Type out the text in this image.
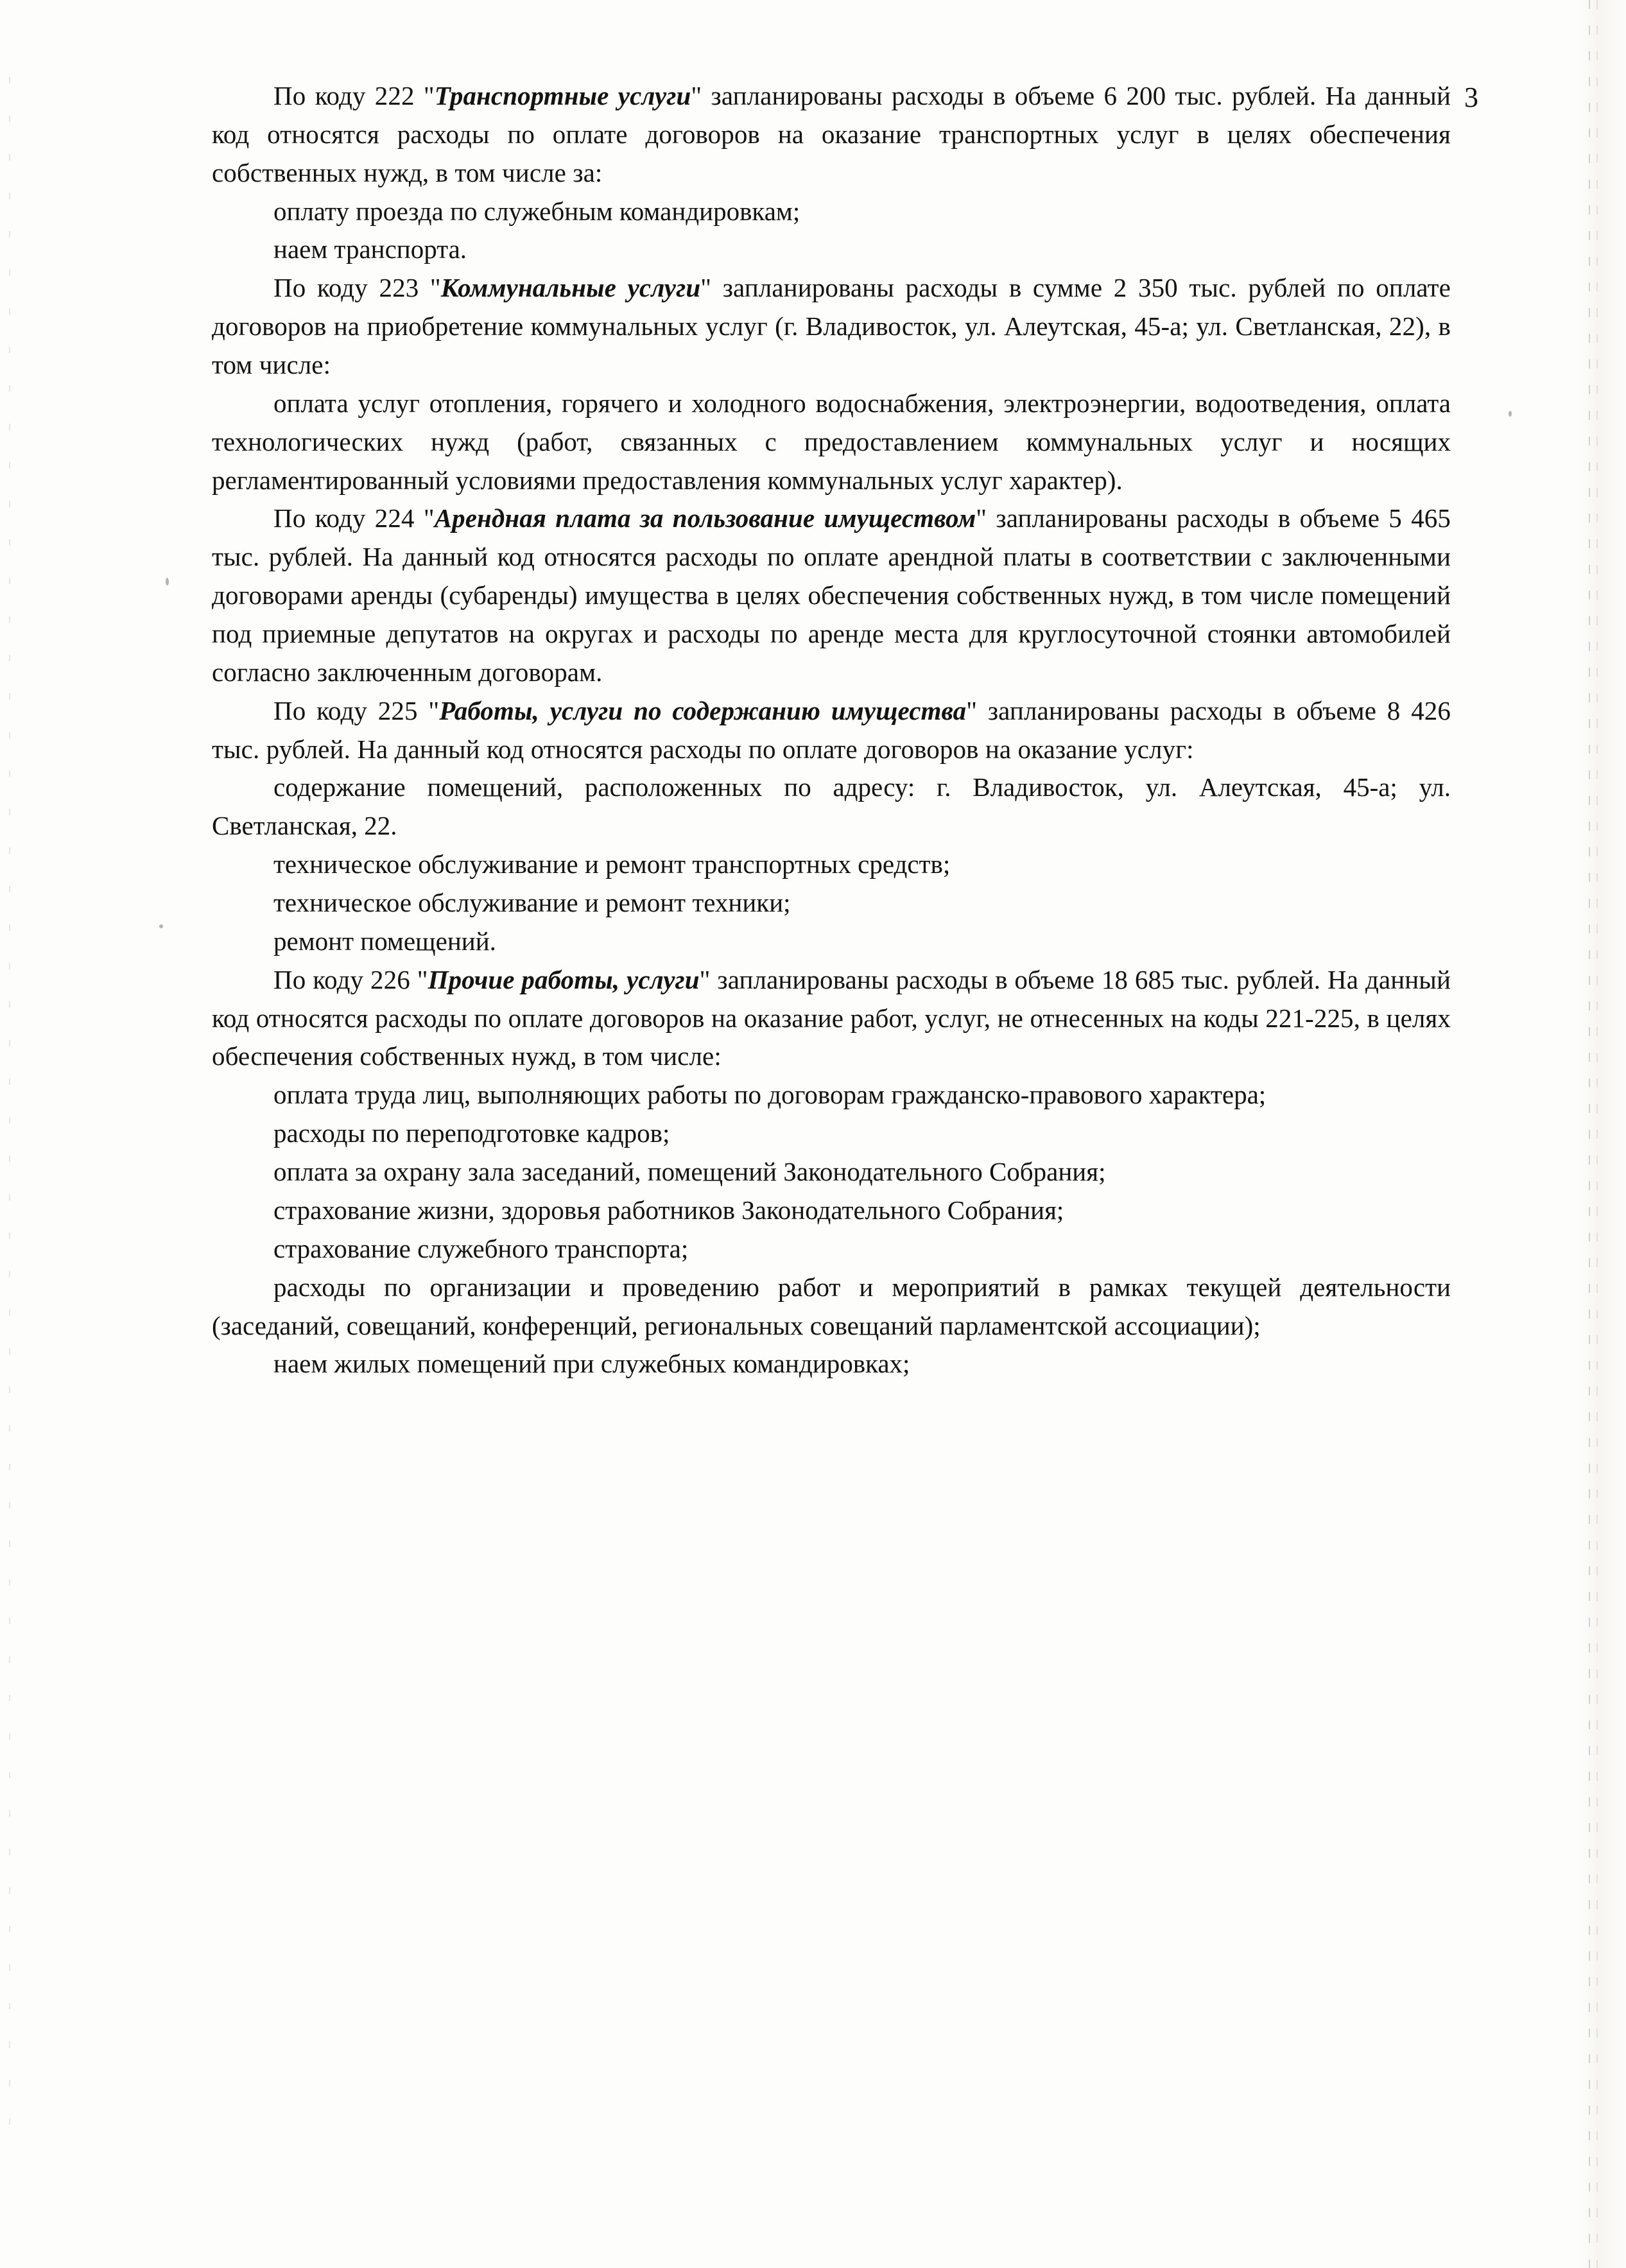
3

По коду 222 "Транспортные услуги" запланированы расходы в объеме 6 200 тыс. рублей. На данный код относятся расходы по оплате договоров на оказание транспортных услуг в целях обеспечения собственных нужд, в том числе за:

оплату проезда по служебным командировкам;

наем транспорта.

По коду 223 "Коммунальные услуги" запланированы расходы в сумме 2 350 тыс. рублей по оплате договоров на приобретение коммунальных услуг (г. Владивосток, ул. Алеутская, 45-а; ул. Светланская, 22), в том числе:

оплата услуг отопления, горячего и холодного водоснабжения, электроэнергии, водоотведения, оплата технологических нужд (работ, связанных с предоставлением коммунальных услуг и носящих регламентированный условиями предоставления коммунальных услуг характер).

По коду 224 "Арендная плата за пользование имуществом" запланированы расходы в объеме 5 465 тыс. рублей. На данный код относятся расходы по оплате арендной платы в соответствии с заключенными договорами аренды (субаренды) имущества в целях обеспечения собственных нужд, в том числе помещений под приемные депутатов на округах и расходы по аренде места для круглосуточной стоянки автомобилей согласно заключенным договорам.

По коду 225 "Работы, услуги по содержанию имущества" запланированы расходы в объеме 8 426 тыс. рублей. На данный код относятся расходы по оплате договоров на оказание услуг:

содержание помещений, расположенных по адресу: г. Владивосток, ул. Алеутская, 45-а; ул. Светланская, 22.

техническое обслуживание и ремонт транспортных средств;

техническое обслуживание и ремонт техники;

ремонт помещений.

По коду 226 "Прочие работы, услуги" запланированы расходы в объеме 18 685 тыс. рублей. На данный код относятся расходы по оплате договоров на оказание работ, услуг, не отнесенных на коды 221-225, в целях обеспечения собственных нужд, в том числе:

оплата труда лиц, выполняющих работы по договорам гражданско-правового характера;

расходы по переподготовке кадров;

оплата за охрану зала заседаний, помещений Законодательного Собрания;

страхование жизни, здоровья работников Законодательного Собрания;

страхование служебного транспорта;

расходы по организации и проведению работ и мероприятий в рамках текущей деятельности (заседаний, совещаний, конференций, региональных совещаний парламентской ассоциации);

наем жилых помещений при служебных командировках;
